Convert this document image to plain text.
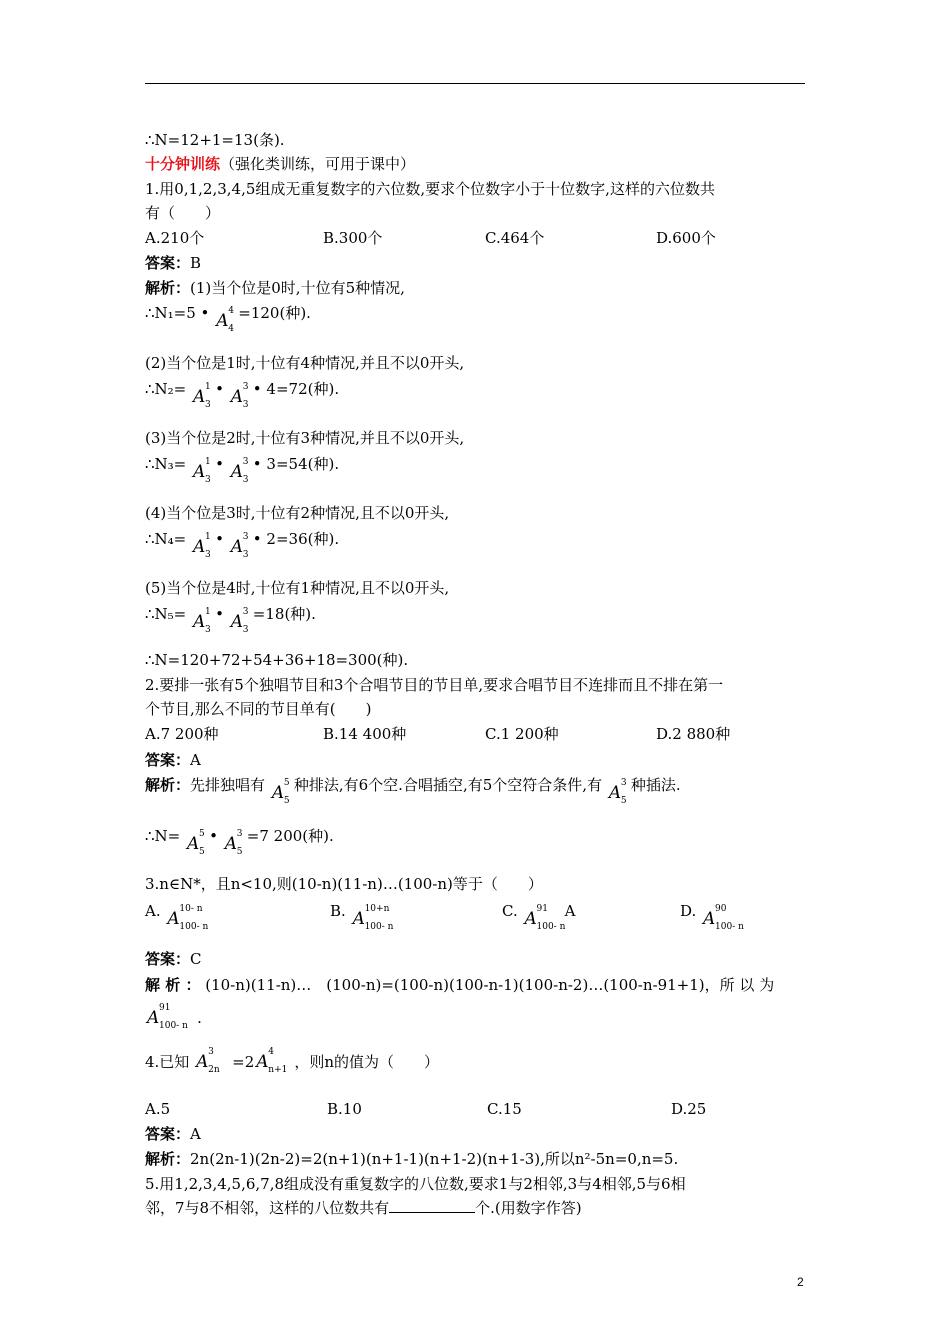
∴N=12+1=13(条).
十分钟训练（强化类训练，可用于课中）
1.用0,1,2,3,4,5组成无重复数字的六位数,要求个位数字小于十位数字,这样的六位数共
有（　　）
A.210个	B.300个	C.464个	D.600个
答案：B
解析：(1)当个位是0时,十位有5种情况,
∴N₁=5 • A 4
4
=120(种).
(2)当个位是1时,十位有4种情况,并且不以0开头,
∴N₂= A 1
3
• A 3
3
• 4=72(种).
(3)当个位是2时,十位有3种情况,并且不以0开头,
∴N₃= A 1
3
• A 3
3
• 3=54(种).
(4)当个位是3时,十位有2种情况,且不以0开头,
∴N₄= A 1
3
• A 3
3
• 2=36(种).
(5)当个位是4时,十位有1种情况,且不以0开头,
∴N₅= A 1
3
• A 3
3
=18(种).
∴N=120+72+54+36+18=300(种).
2.要排一张有5个独唱节目和3个合唱节目的节目单,要求合唱节目不连排而且不排在第一
个节目,那么不同的节目单有(　　)
A.7 200种	B.14 400种	C.1 200种	D.2 880种
答案：A
解析：先排独唱有 A 5
5
种排法,有6个空.合唱插空,有5个空符合条件,有 A 3
5
种插法.
∴N= A 5
5
• A 3
5
=7 200(种).
3.n∈N*，且n<10,则(10-n)(11-n)…(100-n)等于（　　）
A. A 10- n
100- n
B. A 10+n
100- n
C. A 91
100- n
A	D. A 90
100- n
答案：C
解 析 ： (10-n)(11-n)…　(100-n)=(100-n)(100-n-1)(100-n-2)…(100-n-91+1)，所 以 为
A 91
100- n .
4.已知 A 3
2n =2 A 4
n+1 ，则n的值为（　　）
A.5	B.10	C.15	D.25
答案：A
解析：2n(2n-1)(2n-2)=2(n+1)(n+1-1)(n+1-2)(n+1-3),所以n²-5n=0,n=5.
5.用1,2,3,4,5,6,7,8组成没有重复数字的八位数,要求1与2相邻,3与4相邻,5与6相
邻，7与8不相邻，这样的八位数共有	个.(用数字作答)
2
